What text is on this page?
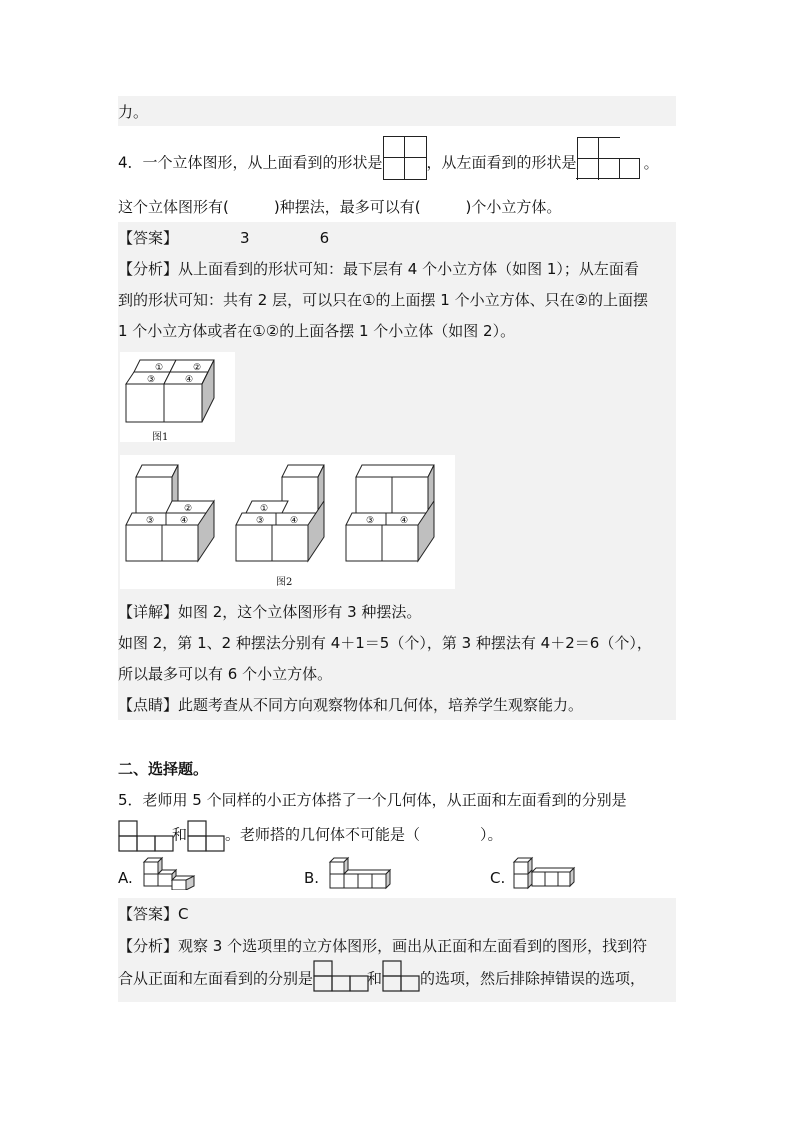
力。
4．一个立体图形，从上面看到的形状是	，从左面看到的形状是	。
这个立体图形有(　　　)种摆法，最多可以有(　　　)个小立方体。
【答案】	3	6
【分析】从上面看到的形状可知：最下层有 4 个小立方体（如图 1）；从左面看
到的形状可知：共有 2 层，可以只在①的上面摆 1 个小立方体、只在②的上面摆
1 个小立方体或者在①②的上面各摆 1 个小立体（如图 2）。
①	②
③	④
图1
②
③	④
①
③	④	③	④
图2
【详解】如图 2，这个立体图形有 3 种摆法。
如图 2，第 1、2 种摆法分别有 4＋1＝5（个），第 3 种摆法有 4＋2＝6（个），
所以最多可以有 6 个小立方体。
【点睛】此题考查从不同方向观察物体和几何体，培养学生观察能力。
二、选择题。
5．老师用 5 个同样的小正方体搭了一个几何体，从正面和左面看到的分别是
和	。老师搭的几何体不可能是（　　　　）。
A.	B.	C.
【答案】C
【分析】观察 3 个选项里的立方体图形，画出从正面和左面看到的图形，找到符
合从正面和左面看到的分别是	和	的选项，然后排除掉错误的选项，
